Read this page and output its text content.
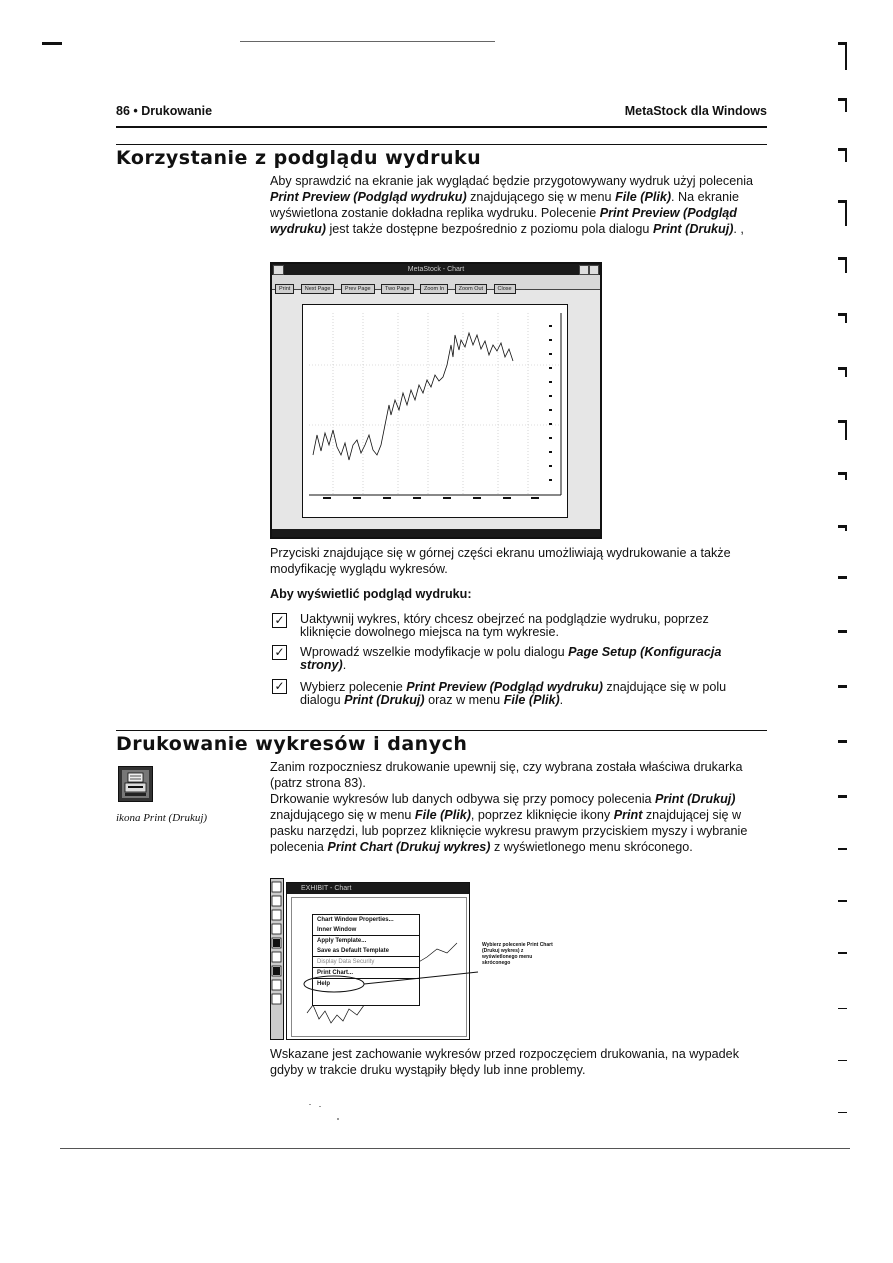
86 • Drukowanie	MetaStock dla Windows
Korzystanie z podglądu wydruku
Aby sprawdzić na ekranie jak wyglądać będzie przygotowywany wydruk użyj polecenia Print Preview (Podgląd wydruku) znajdującego się w menu File (Plik). Na ekranie wyświetlona zostanie dokładna replika wydruku. Polecenie Print Preview (Podgląd wydruku) jest także dostępne bezpośrednio z poziomu pola dialogu Print (Drukuj). ,
MetaStock - Chart
Print	Next Page	Prev Page	Two Page	Zoom In	Zoom Out	Close
Przyciski znajdujące się w górnej części ekranu umożliwiają wydrukowanie a także modyfikację wyglądu wykresów.
Aby wyświetlić podgląd wydruku:
✓ Uaktywnij wykres, który chcesz obejrzeć na podglądzie wydruku, poprzez kliknięcie dowolnego miejsca na tym wykresie.
✓ Wprowadź wszelkie modyfikacje w polu dialogu Page Setup (Konfiguracja strony).
✓ Wybierz polecenie Print Preview (Podgląd wydruku) znajdujące się w polu dialogu Print (Drukuj) oraz w menu File (Plik).
Drukowanie wykresów i danych
ikona Print (Drukuj)
Zanim rozpoczniesz drukowanie upewnij się, czy wybrana została właściwa drukarka (patrz strona 83).
Drkowanie wykresów lub danych odbywa się przy pomocy polecenia Print (Drukuj) znajdującego się w menu File (Plik), poprzez kliknięcie ikony Print znajdującej się w pasku narzędzi, lub poprzez kliknięcie wykresu prawym przyciskiem myszy i wybranie polecenia Print Chart (Drukuj wykres) z wyświetlonego menu skróconego.
EXHIBIT - Chart
Chart Window Properties...
Inner Window
Apply Template...
Save as Default Template
Display Data Security
Print Chart...
Help
Wybierz polecenie Print Chart (Drukuj wykres) z wyświetlonego menu skróconego
Wskazane jest zachowanie wykresów przed rozpoczęciem drukowania, na wypadek gdyby w trakcie druku wystąpiły błędy lub inne problemy.
